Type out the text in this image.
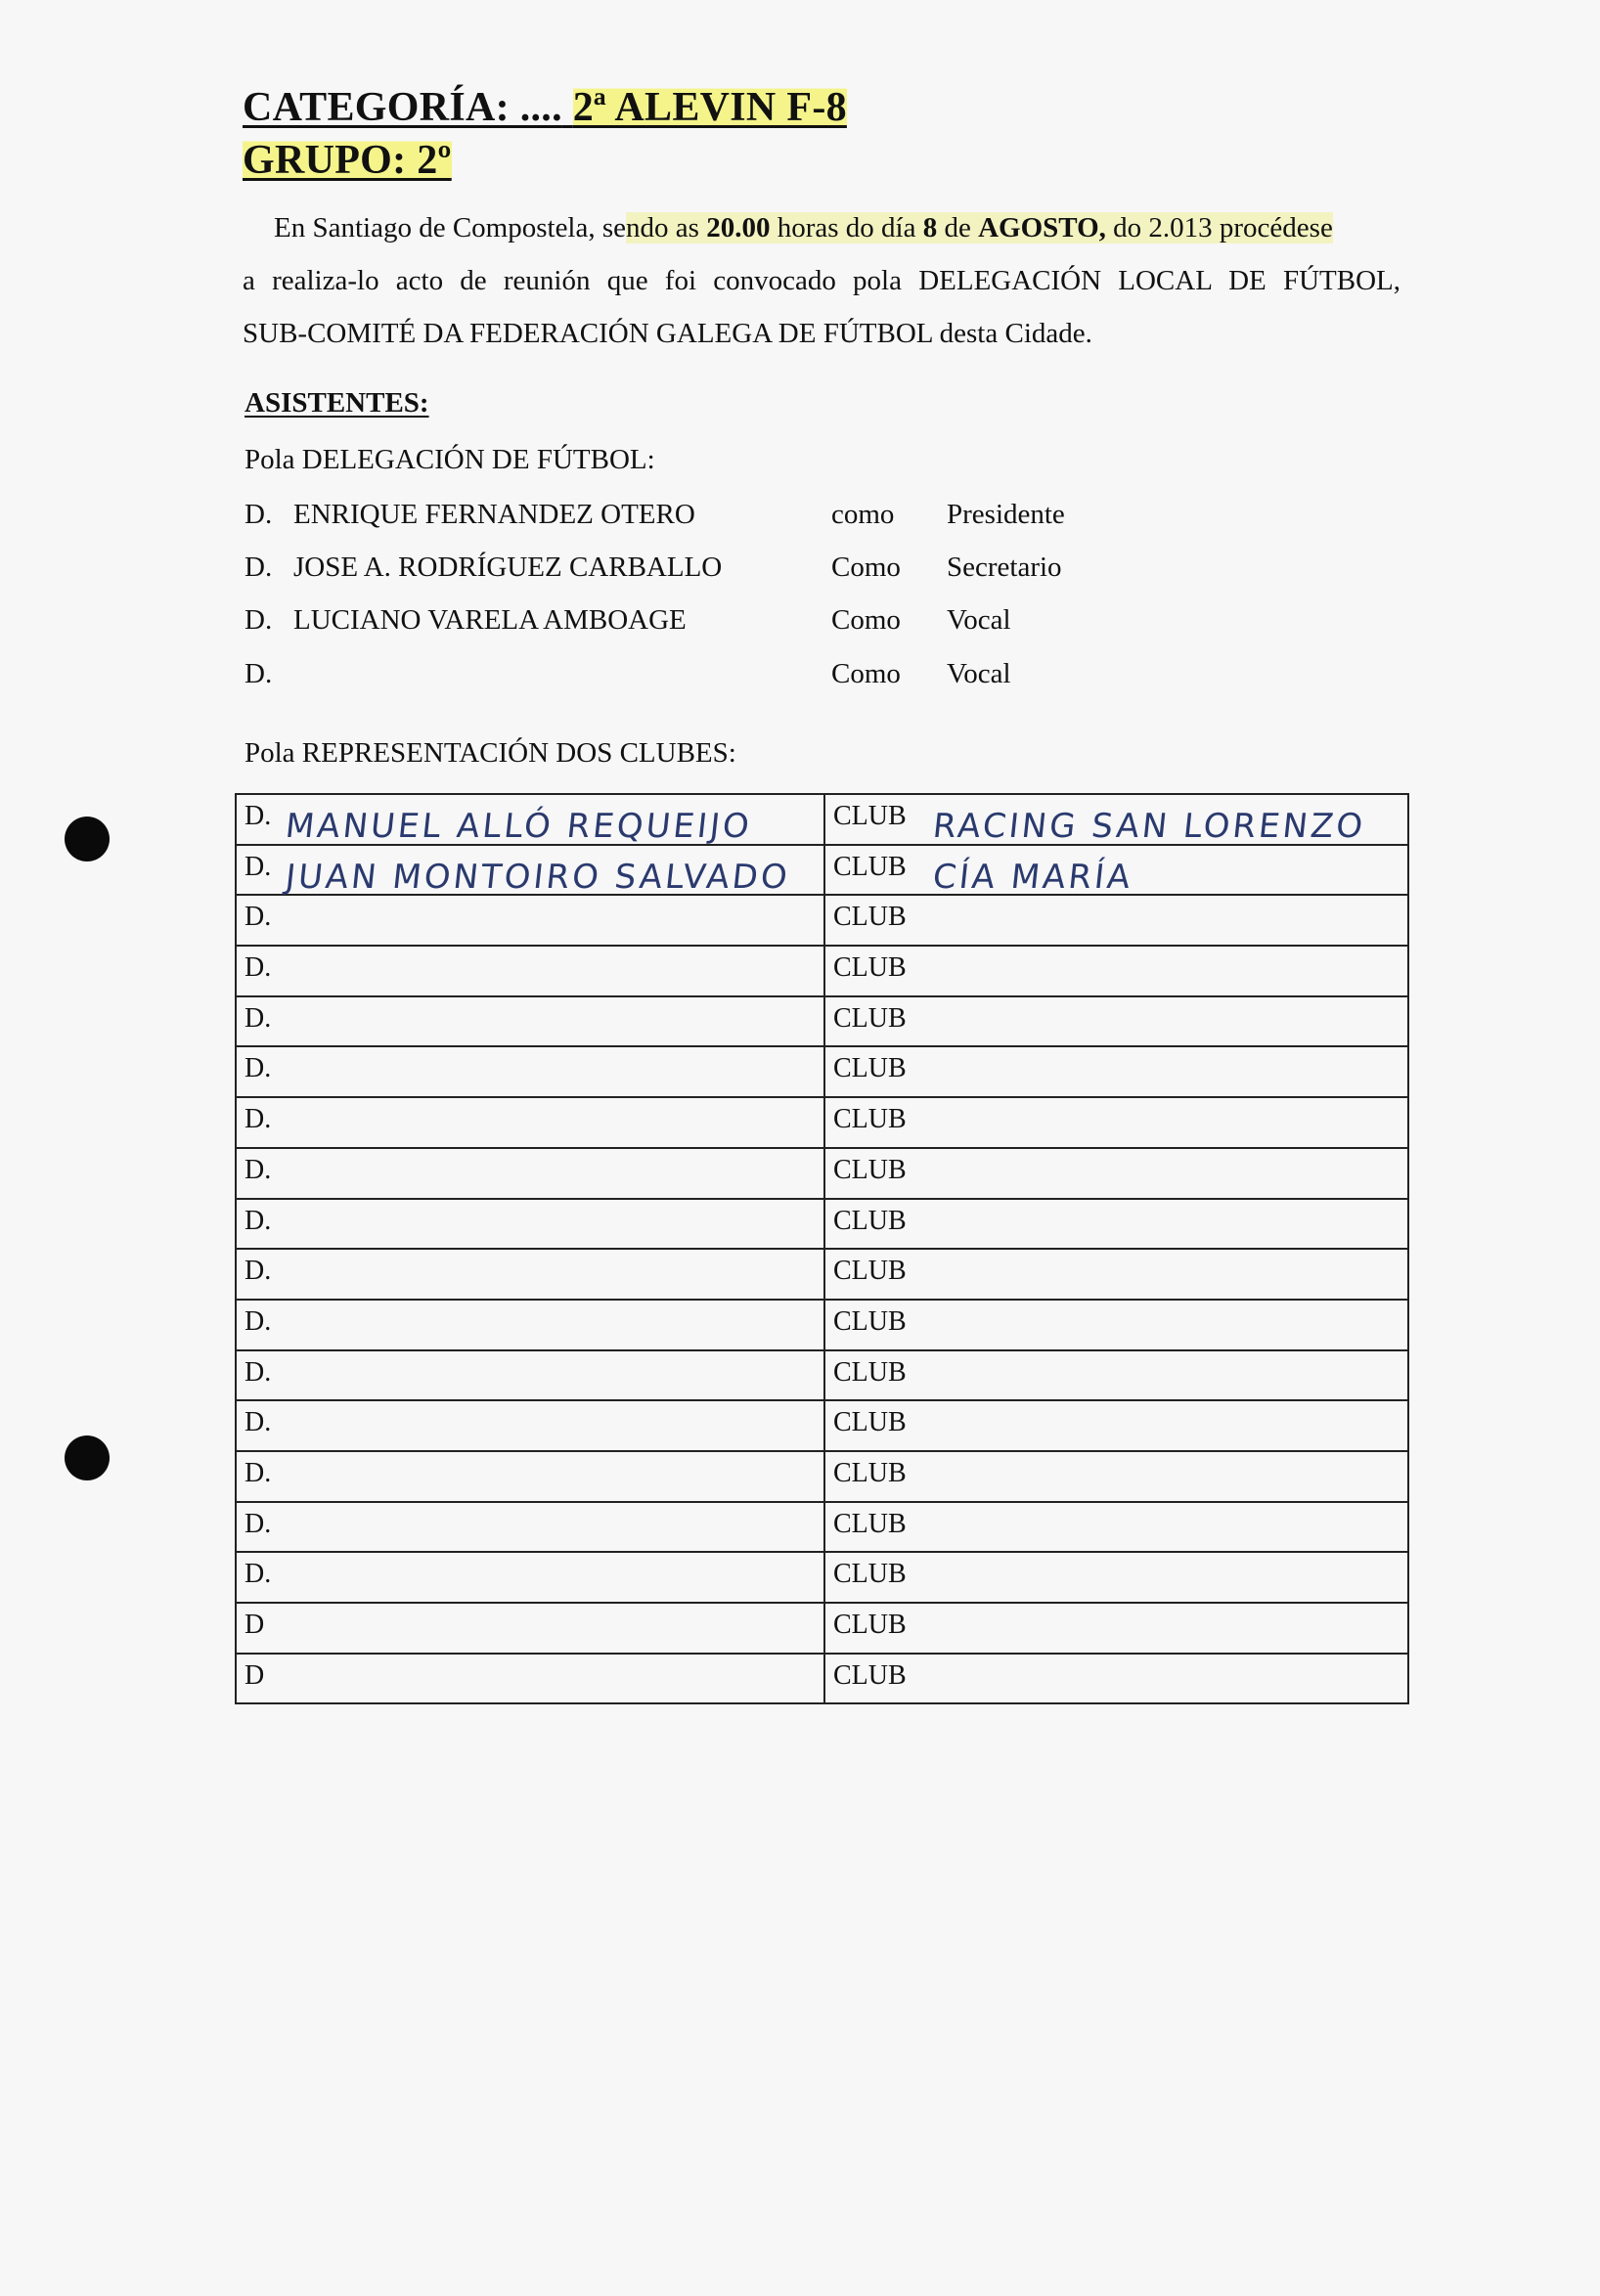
CATEGORÍA: .... 2ª ALEVIN F-8
GRUPO: 2º
En Santiago de Compostela, sendo as 20.00 horas do día 8 de AGOSTO, do 2.013 procédese
a realiza-lo acto de reunión que foi convocado pola DELEGACIÓN LOCAL DE FÚTBOL,
SUB-COMITÉ DA FEDERACIÓN GALEGA DE FÚTBOL desta Cidade.
ASISTENTES:
Pola DELEGACIÓN DE FÚTBOL:
D. ENRIQUE FERNANDEZ OTERO	como Presidente
D. JOSE A. RODRÍGUEZ CARBALLO	Como Secretario
D. LUCIANO VARELA AMBOAGE	Como Vocal
D.	Como Vocal
Pola REPRESENTACIÓN DOS CLUBES:
D. MANUEL ALLÓ REQUEIJO	CLUB RACING SAN LORENZO

D. JUAN MONTOIRO SALVADO	CLUB CÍA MARÍA

D.	CLUB

D.	CLUB

D.	CLUB

D.	CLUB

D.	CLUB

D.	CLUB

D.	CLUB

D.	CLUB

D.	CLUB

D.	CLUB

D.	CLUB

D.	CLUB

D.	CLUB

D.	CLUB

D	CLUB

D	CLUB
